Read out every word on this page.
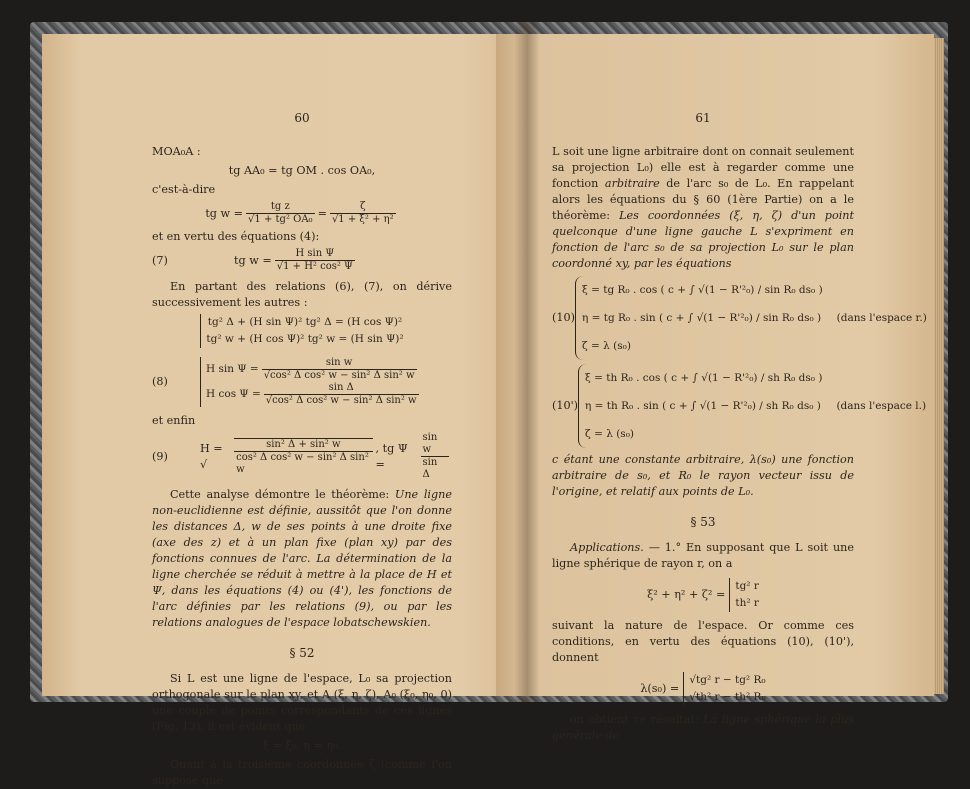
60

MOA₀A :

tg AA₀ = tg OM . cos OA₀,

c'est-à-dire

tg $w = \frac{\text{tg z}}{\text{√1 + tg² OA₀}} = \frac{\zeta}{\text{√1 + ξ² + η²}}$

et en vertu des équations (4):

(7)	tg $w = \frac{\text{H sin Ψ}}{\text{√1 + H² cos² Ψ}}$

En partant des relations (6), (7), on dérive successivement les autres :

tg² Δ + (H sin Ψ)² tg² Δ = (H cos Ψ)²
tg² w + (H cos Ψ)² tg² w = (H sin Ψ)²
(8)
H $\sin \Psi = \frac{\text{sin w}}{\text{√cos² Δ cos² w − sin² Δ sin² w}}$
H $\cos \Psi = \frac{\text{sin Δ}}{\text{√cos² Δ cos² w − sin² Δ sin² w}}$

et enfin

(9)
H = √	$\frac{\text{sin² Δ + sin² w}}{\text{cos² Δ cos² w − sin² Δ sin² w}}$ , tg Ψ =	$\frac{\text{sin w}}{\text{sin Δ}}$

Cette analyse démontre le théorème: Une ligne non-euclidienne est définie, aussitôt que l'on donne les distances Δ, w de ses points à une droite fixe (axe des z) et à un plan fixe (plan xy) par des fonctions connues de l'arc. La détermination de la ligne cherchée se réduit à mettre à la place de H et Ψ, dans les équations (4) ou (4'), les fonctions de l'arc définies par les relations (9), ou par les relations analogues de l'espace lobatschewskien.

§ 52

Si L est une ligne de l'espace, L₀ sa projection orthogonale sur le plan xy, et A (ξ, η, ζ), A₀ (ξ₀, η₀, 0) une couple de points correspondants de ces lignes (Fig. 13), il est évident que

ξ = ξ₀, η = η₀.

Quant à la troisième coordonnée ζ (comme l'on suppose que

61

L soit une ligne arbitraire dont on connait seulement sa projection L₀) elle est à regarder comme une fonction arbitraire de l'arc s₀ de L₀. En rappelant alors les équations du § 60 (1ère Partie) on a le théorème: Les coordonnées (ξ, η, ζ) d'un point quelconque d'une ligne gauche L s'expriment en fonction de l'arc s₀ de sa projection L₀ sur le plan coordonné xy, par les équations

(10)
ξ = tg R₀ . cos ( c + ∫ √(1 − R'²₀) / sin R₀ ds₀ )
η = tg R₀ . sin ( c + ∫ √(1 − R'²₀) / sin R₀ ds₀ )
ζ = λ (s₀)
(dans l'espace r.)
(10')
ξ = th R₀ . cos ( c + ∫ √(1 − R'²₀) / sh R₀ ds₀ )
η = th R₀ . sin ( c + ∫ √(1 − R'²₀) / sh R₀ ds₀ )
ζ = λ (s₀)
(dans l'espace l.)

c étant une constante arbitraire, λ(s₀) une fonction arbitraire de s₀, et R₀ le rayon vecteur issu de l'origine, et relatif aux points de L₀.

§ 53

Applications. — 1.° En supposant que L soit une ligne sphérique de rayon r, on a

ξ² + η² + ζ² =
tg² r
th² r

suivant la nature de l'espace. Or comme ces conditions, en vertu des équations (10), (10'), donnent

λ(s₀) =
√tg² r − tg² R₀
√th² r − th² R₀

on obtient ce résultat: La ligne sphérique la plus générale de
